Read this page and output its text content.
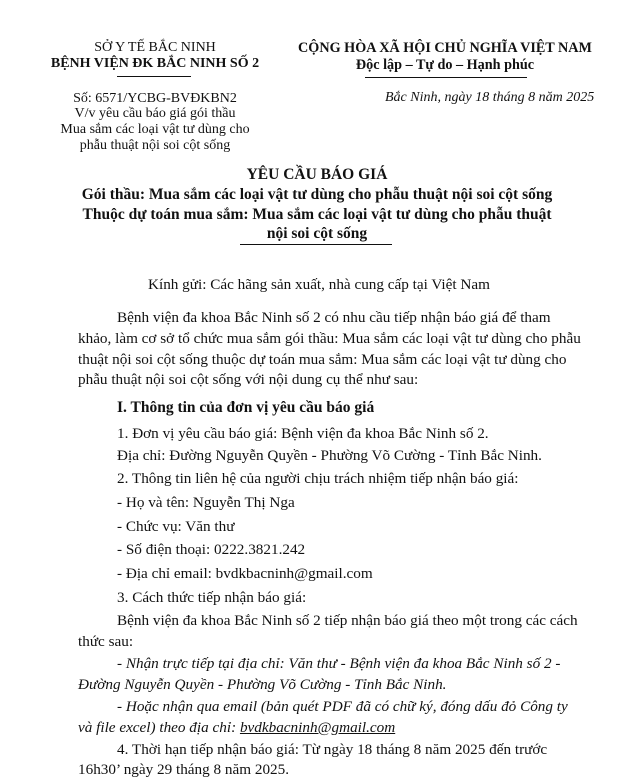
SỞ Y TẾ BẮC NINH
BỆNH VIỆN ĐK BẮC NINH SỐ 2
Số: 6571/YCBG-BVĐKBN2
V/v yêu cầu báo giá gói thầu
Mua sắm các loại vật tư dùng cho
phẫu thuật nội soi cột sống
CỘNG HÒA XÃ HỘI CHỦ NGHĨA VIỆT NAM
Độc lập – Tự do – Hạnh phúc
Bắc Ninh, ngày 18 tháng 8 năm 2025
YÊU CẦU BÁO GIÁ
Gói thầu: Mua sắm các loại vật tư dùng cho phẫu thuật nội soi cột sống
Thuộc dự toán mua sắm: Mua sắm các loại vật tư dùng cho phẫu thuật
nội soi cột sống
Kính gửi: Các hãng sản xuất, nhà cung cấp tại Việt Nam
Bệnh viện đa khoa Bắc Ninh số 2 có nhu cầu tiếp nhận báo giá để tham
khảo, làm cơ sở tổ chức mua sắm gói thầu: Mua sắm các loại vật tư dùng cho phẫu
thuật nội soi cột sống thuộc dự toán mua sắm: Mua sắm các loại vật tư dùng cho
phẫu thuật nội soi cột sống với nội dung cụ thể như sau:
I. Thông tin của đơn vị yêu cầu báo giá
1. Đơn vị yêu cầu báo giá: Bệnh viện đa khoa Bắc Ninh số 2.
Địa chỉ: Đường Nguyễn Quyền - Phường Võ Cường - Tỉnh Bắc Ninh.
2. Thông tin liên hệ của người chịu trách nhiệm tiếp nhận báo giá:
- Họ và tên: Nguyễn Thị Nga
- Chức vụ: Văn thư
- Số điện thoại: 0222.3821.242
- Địa chỉ email: bvdkbacninh@gmail.com
3. Cách thức tiếp nhận báo giá:
Bệnh viện đa khoa Bắc Ninh số 2 tiếp nhận báo giá theo một trong các cách
thức sau:
- Nhận trực tiếp tại địa chỉ: Văn thư - Bệnh viện đa khoa Bắc Ninh số 2 -
Đường Nguyễn Quyền - Phường Võ Cường - Tỉnh Bắc Ninh.
- Hoặc nhận qua email (bản quét PDF đã có chữ ký, đóng dấu đỏ Công ty
và file excel) theo địa chỉ: bvdkbacninh@gmail.com
4. Thời hạn tiếp nhận báo giá: Từ ngày 18 tháng 8 năm 2025 đến trước
16h30’ ngày 29 tháng 8 năm 2025.
